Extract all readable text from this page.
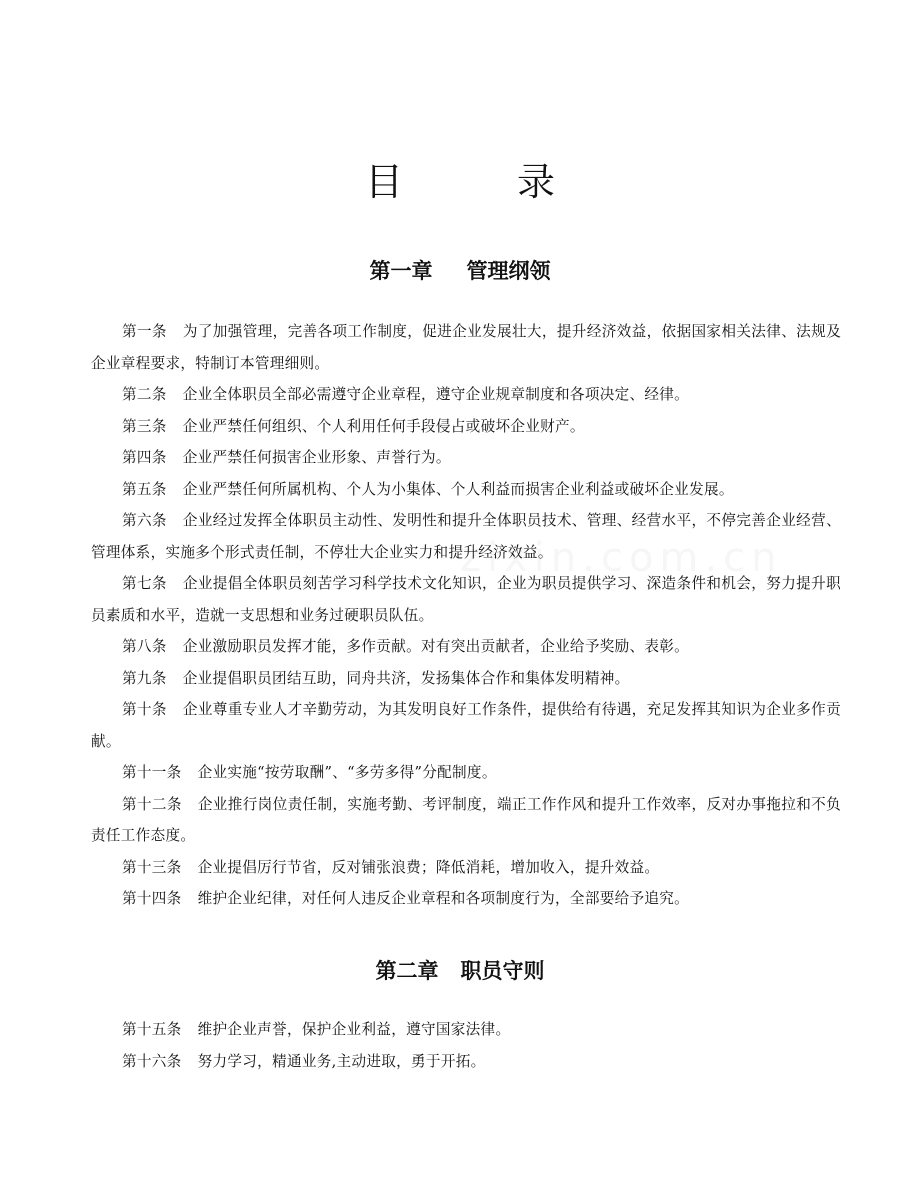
目　录
zixin.com.cn
第一章 管理纲领
第一条 为了加强管理，完善各项工作制度，促进企业发展壮大，提升经济效益，依据国家相关法律、法规及企业章程要求，特制订本管理细则。
第二条 企业全体职员全部必需遵守企业章程，遵守企业规章制度和各项决定、经律。
第三条 企业严禁任何组织、个人利用任何手段侵占或破坏企业财产。
第四条 企业严禁任何损害企业形象、声誉行为。
第五条 企业严禁任何所属机构、个人为小集体、个人利益而损害企业利益或破坏企业发展。
第六条 企业经过发挥全体职员主动性、发明性和提升全体职员技术、管理、经营水平，不停完善企业经营、管理体系，实施多个形式责任制，不停壮大企业实力和提升经济效益。
第七条 企业提倡全体职员刻苦学习科学技术文化知识，企业为职员提供学习、深造条件和机会，努力提升职员素质和水平，造就一支思想和业务过硬职员队伍。
第八条 企业激励职员发挥才能，多作贡献。对有突出贡献者，企业给予奖励、表彰。
第九条 企业提倡职员团结互助，同舟共济，发扬集体合作和集体发明精神。
第十条 企业尊重专业人才辛勤劳动，为其发明良好工作条件，提供给有待遇，充足发挥其知识为企业多作贡献。
第十一条 企业实施“按劳取酬”、“多劳多得”分配制度。
第十二条 企业推行岗位责任制，实施考勤、考评制度，端正工作作风和提升工作效率，反对办事拖拉和不负责任工作态度。
第十三条 企业提倡厉行节省，反对铺张浪费；降低消耗，增加收入，提升效益。
第十四条 维护企业纪律，对任何人违反企业章程和各项制度行为，全部要给予追究。
第二章 职员守则
第十五条 维护企业声誉，保护企业利益，遵守国家法律。
第十六条 努力学习，精通业务,主动进取，勇于开拓。
